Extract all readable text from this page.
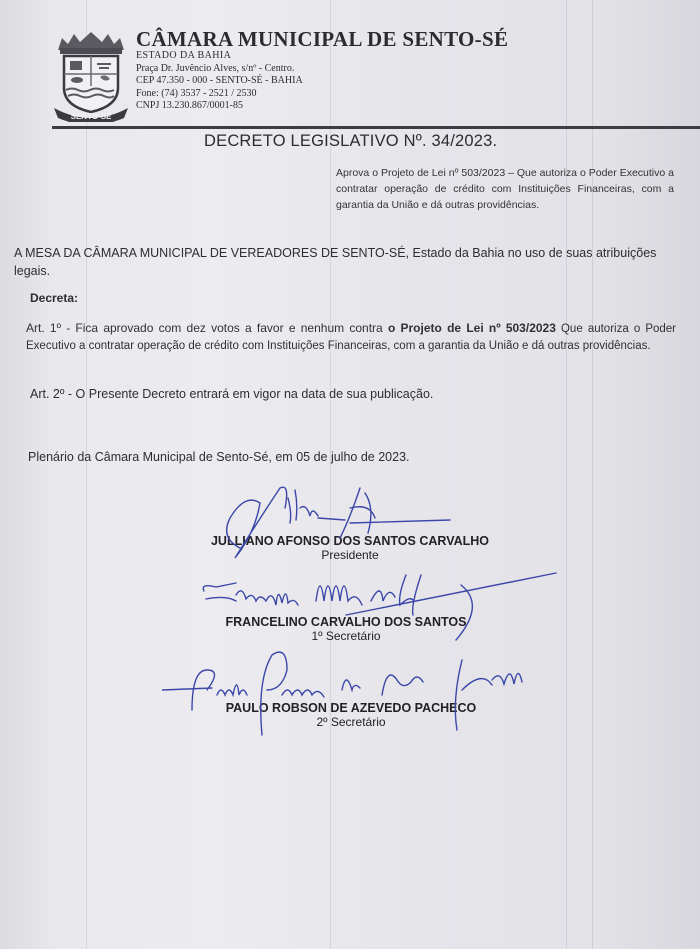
SENTO-SÉ
CÂMARA MUNICIPAL DE SENTO-SÉ
ESTADO DA BAHIA
Praça Dr. Juvêncio Alves, s/nº - Centro.
CEP 47.350 - 000 - SENTO-SÉ - BAHIA
Fone: (74) 3537 - 2521 / 2530
CNPJ 13.230.867/0001-85
DECRETO LEGISLATIVO Nº. 34/2023.
Aprova o Projeto de Lei nº 503/2023 – Que autoriza o Poder Executivo a contratar operação de crédito com Instituições Financeiras, com a garantia da União e dá outras providências.
A MESA DA CÂMARA MUNICIPAL DE VEREADORES DE SENTO-SÉ, Estado da Bahia no uso de suas atribuições legais.
Decreta:
Art. 1º - Fica aprovado com dez votos a favor e nenhum contra o Projeto de Lei nº 503/2023 Que autoriza o Poder Executivo a contratar operação de crédito com Instituições Financeiras, com a garantia da União e dá outras providências.
Art. 2º - O Presente Decreto entrará em vigor na data de sua publicação.
Plenário da Câmara Municipal de Sento-Sé, em 05 de julho de 2023.
JULLIANO AFONSO DOS SANTOS CARVALHO
Presidente
FRANCELINO CARVALHO DOS SANTOS
1º Secretário
PAULO ROBSON DE AZEVEDO PACHECO
2º Secretário
